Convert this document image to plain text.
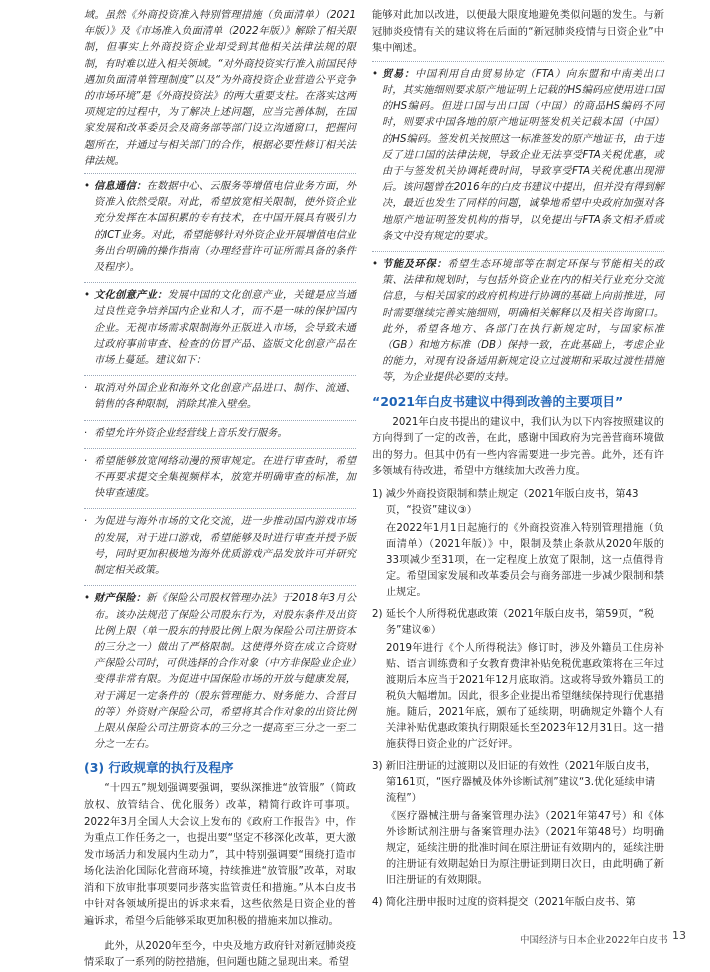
域。虽然《外商投资准入特别管理措施（负面清单）（2021年版）》及《市场准入负面清单（2022年版）》解除了相关限制，但事实上外商投资企业却受到其他相关法律法规的限制，有时难以进入相关领域。“对外商投资实行准入前国民待遇加负面清单管理制度”以及“为外商投资企业营造公平竞争的市场环境”是《外商投资法》的两大重要支柱。在落实这两项规定的过程中，为了解决上述问题，应当完善体制，在国家发展和改革委员会及商务部等部门设立沟通窗口，把握问题所在，并通过与相关部门的合作，根据必要性修订相关法律法规。

• 信息通信：在数据中心、云服务等增值电信业务方面，外资准入依然受限。对此，希望放宽相关限制，使外资企业充分发挥在本国积累的专有技术，在中国开展具有吸引力的ICT业务。对此，希望能够针对外资企业开展增值电信业务出台明确的操作指南（办理经营许可证所需具备的条件及程序）。
• 文化创意产业：发展中国的文化创意产业，关键是应当通过良性竞争培养国内企业和人才，而不是一味的保护国内企业。无视市场需求限制海外正版进入市场，会导致未通过政府事前审查、检查的仿冒产品、盗版文化创意产品在市场上蔓延。建议如下：
· 取消对外国企业和海外文化创意产品进口、制作、流通、销售的各种限制，消除其准入壁垒。
· 希望允许外资企业经营线上音乐发行服务。
· 希望能够放宽网络动漫的预审规定。在进行审查时，希望不再要求提交全集视频样本，放宽并明确审查的标准，加快审查速度。
· 为促进与海外市场的文化交流，进一步推动国内游戏市场的发展，对于进口游戏，希望能够及时进行审查并授予版号，同时更加积极地为海外优质游戏产品发放许可并研究制定相关政策。
• 财产保险：新《保险公司股权管理办法》于2018年3月公布。该办法规范了保险公司股东行为，对股东条件及出资比例上限（单一股东的持股比例上限为保险公司注册资本的三分之一）做出了严格限制。这使得外资在成立合资财产保险公司时，可供选择的合作对象（中方非保险业企业）变得非常有限。为促进中国保险市场的开放与健康发展，对于满足一定条件的（股东管理能力、财务能力、合营目的等）外资财产保险公司，希望将其合作对象的出资比例上限从保险公司注册资本的三分之一提高至三分之一至二分之一左右。
(3) 行政规章的执行及程序

“十四五”规划强调要强调，要纵深推进“放管服”（简政放权、放管结合、优化服务）改革，精简行政许可事项。2022年3月全国人大会议上发布的《政府工作报告》中，作为重点工作任务之一，也提出要“坚定不移深化改革，更大激发市场活力和发展内生动力”，其中特别强调要“围绕打造市场化法治化国际化营商环境，持续推进“放管服”改革，对取消和下放审批事项要同步落实监管责任和措施。”从本白皮书中针对各领域所提出的诉求来看，这些依然是日资企业的普遍诉求，希望今后能够采取更加积极的措施来加以推动。

此外，从2020年至今，中央及地方政府针对新冠肺炎疫情采取了一系列的防控措施，但问题也随之显现出来。希望

能够对此加以改进，以便最大限度地避免类似问题的发生。与新冠肺炎疫情有关的建议将在后面的“新冠肺炎疫情与日资企业”中集中阐述。

• 贸易：中国利用自由贸易协定（FTA）向东盟和中南美出口时，其实施细则要求原产地证明上记载的HS编码应使用进口国的HS编码。但进口国与出口国（中国）的商品HS编码不同时，则要求中国各地的原产地证明签发机关记载本国（中国）的HS编码。签发机关按照这一标准签发的原产地证书，由于违反了进口国的法律法规，导致企业无法享受FTA关税优惠，或由于与签发机关协调耗费时间，导致享受FTA关税优惠出现滞后。该问题曾在2016年的白皮书建议中提出，但并没有得到解决，最近也发生了同样的问题，诚挚地希望中央政府加强对各地原产地证明签发机构的指导，以免提出与FTA条文相矛盾或条文中没有规定的要求。
• 节能及环保：希望生态环境部等在制定环保与节能相关的政策、法律和规划时，与包括外资企业在内的相关行业充分交流信息，与相关国家的政府机构进行协调的基础上向前推进，同时需要继续完善实施细则，明确相关解释以及相关咨询窗口。此外，希望各地方、各部门在执行新规定时，与国家标准（GB）和地方标准（DB）保持一致，在此基础上，考虑企业的能力，对现有设备适用新规定设立过渡期和采取过渡性措施等，为企业提供必要的支持。
“2021年白皮书建议中得到改善的主要项目”

2021年白皮书提出的建议中，我们认为以下内容按照建议的方向得到了一定的改善，在此，感谢中国政府为完善营商环境做出的努力。但其中仍有一些内容需要进一步完善。此外，还有许多领域有待改进，希望中方继续加大改善力度。

1) 减少外商投资限制和禁止规定（2021年版白皮书，第43页，“投资”建议③）

在2022年1月1日起施行的《外商投资准入特别管理措施（负面清单）（2021年版）》中，限制及禁止条款从2020年版的33项减少至31项，在一定程度上放宽了限制，这一点值得肯定。希望国家发展和改革委员会与商务部进一步减少限制和禁止规定。

2) 延长个人所得税优惠政策（2021年版白皮书，第59页，“税务”建议⑥）

2019年进行《个人所得税法》修订时，涉及外籍员工住房补贴、语言训练费和子女教育费津补贴免税优惠政策将在三年过渡期后本应当于2021年12月底取消。这或将导致外籍员工的税负大幅增加。因此，很多企业提出希望继续保持现行优惠措施。随后，2021年底，颁布了延续期，明确规定外籍个人有关津补贴优惠政策执行期限延长至2023年12月31日。这一措施获得日资企业的广泛好评。

3) 新旧注册证的过渡期以及旧证的有效性（2021年版白皮书，第161页，“医疗器械及体外诊断试剂”建议“3.优化延续申请流程”）

《医疗器械注册与备案管理办法》（2021年第47号）和《体外诊断试剂注册与备案管理办法》（2021年第48号）均明确规定，延续注册的批准时间在原注册证有效期内的，延续注册的注册证有效期起始日为原注册证到期日次日，由此明确了新旧注册证的有效期限。

4) 简化注册申报时过度的资料提交（2021年版白皮书、第

中国经济与日本企业2022年白皮书 13
